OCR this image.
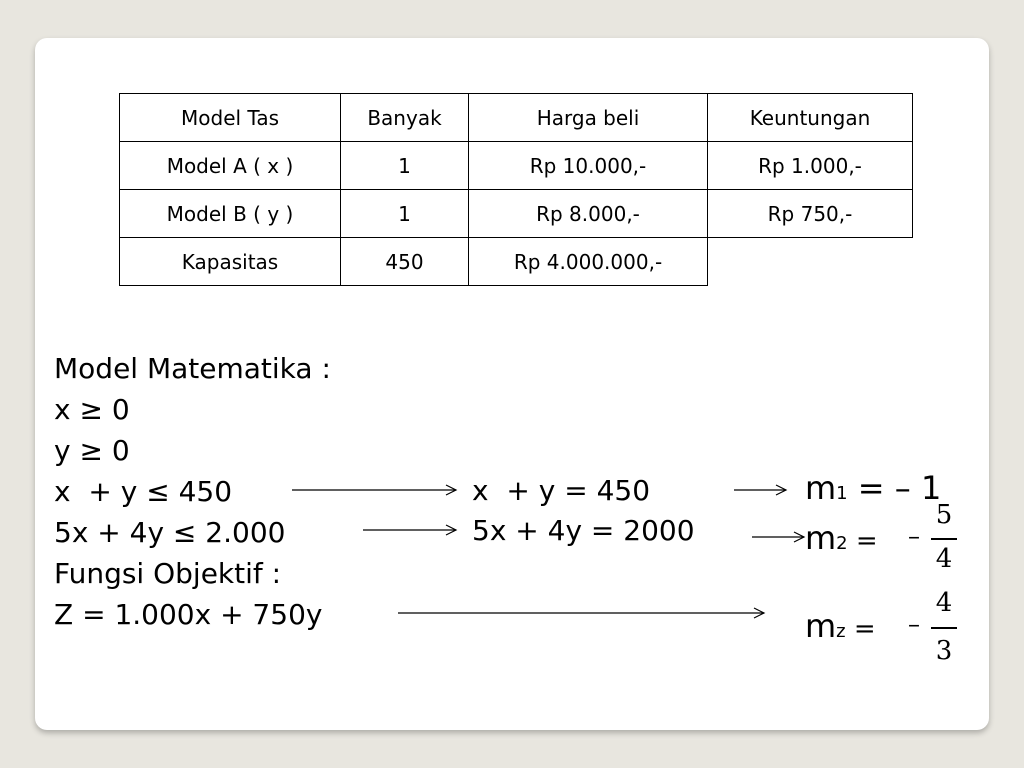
Model Tas	Banyak	Harga beli	Keuntungan
Model A ( x )	1	Rp 10.000,-	Rp 1.000,-
Model B ( y )	1	Rp 8.000,-	Rp 750,-
Kapasitas	450	Rp 4.000.000,-	
Model Matematika :
x ≥ 0
y ≥ 0
x  + y ≤ 450
5x + 4y ≤ 2.000
Fungsi Objektif :
Z = 1.000x + 750y
x  + y = 450
5x + 4y = 2000
m1 = – 1
m2 = –
5
4
mz = –
4
3
